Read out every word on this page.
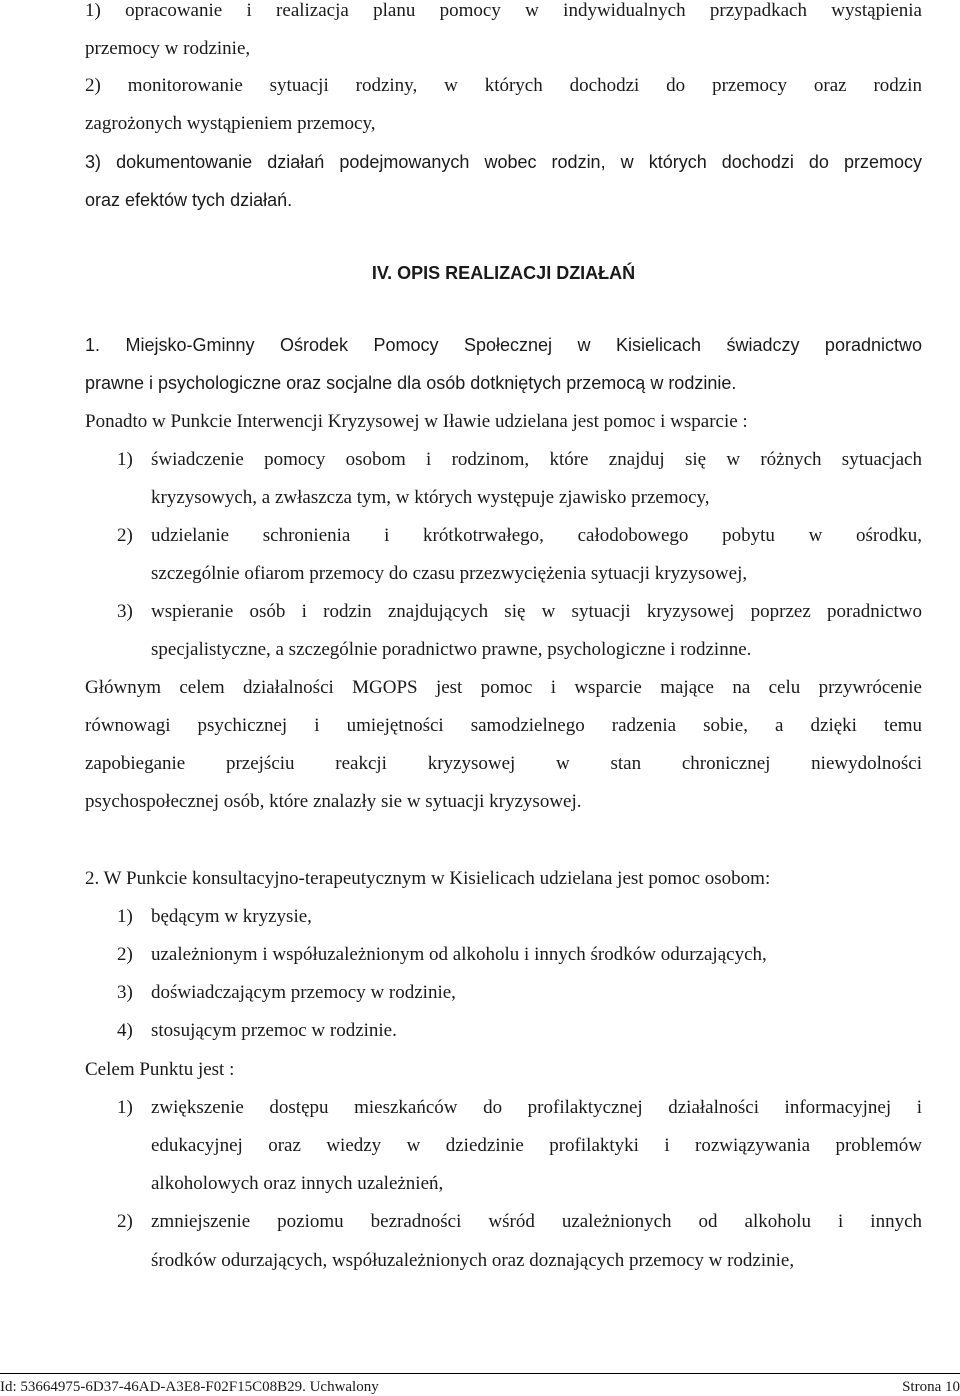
1) opracowanie i realizacja planu pomocy w indywidualnych przypadkach wystąpienia
przemocy w rodzinie,
2) monitorowanie sytuacji rodziny, w których dochodzi do przemocy oraz rodzin
zagrożonych wystąpieniem przemocy,
3) dokumentowanie działań podejmowanych wobec rodzin, w których dochodzi do przemocy
oraz efektów tych działań.
IV. OPIS REALIZACJI DZIAŁAŃ
1. Miejsko-Gminny Ośrodek Pomocy Społecznej w Kisielicach świadczy poradnictwo
prawne i psychologiczne oraz socjalne dla osób dotkniętych przemocą w rodzinie.
Ponadto w Punkcie Interwencji Kryzysowej w Iławie udzielana jest pomoc i wsparcie :
1) świadczenie pomocy osobom i rodzinom, które znajduj się w różnych sytuacjach
kryzysowych, a zwłaszcza tym, w których występuje zjawisko przemocy,
2) udzielanie schronienia i krótkotrwałego, całodobowego pobytu w ośrodku,
szczególnie ofiarom przemocy do czasu przezwyciężenia sytuacji kryzysowej,
3) wspieranie osób i rodzin znajdujących się w sytuacji kryzysowej poprzez poradnictwo
specjalistyczne, a szczególnie poradnictwo prawne, psychologiczne i rodzinne.
Głównym celem działalności MGOPS jest pomoc i wsparcie mające na celu przywrócenie
równowagi psychicznej i umiejętności samodzielnego radzenia sobie, a dzięki temu
zapobieganie przejściu reakcji kryzysowej w stan chronicznej niewydolności
psychospołecznej osób, które znalazły sie w sytuacji kryzysowej.
2. W Punkcie konsultacyjno-terapeutycznym w Kisielicach udzielana jest pomoc osobom:
1) będącym w kryzysie,
2) uzależnionym i współuzależnionym od alkoholu i innych środków odurzających,
3) doświadczającym przemocy w rodzinie,
4) stosującym przemoc w rodzinie.
Celem Punktu jest :
1) zwiększenie dostępu mieszkańców do profilaktycznej działalności informacyjnej i
edukacyjnej oraz wiedzy w dziedzinie profilaktyki i rozwiązywania problemów
alkoholowych oraz innych uzależnień,
2) zmniejszenie poziomu bezradności wśród uzależnionych od alkoholu i innych
środków odurzających, współuzależnionych oraz doznających przemocy w rodzinie,
Id: 53664975-6D37-46AD-A3E8-F02F15C08B29. Uchwalony	Strona 10
